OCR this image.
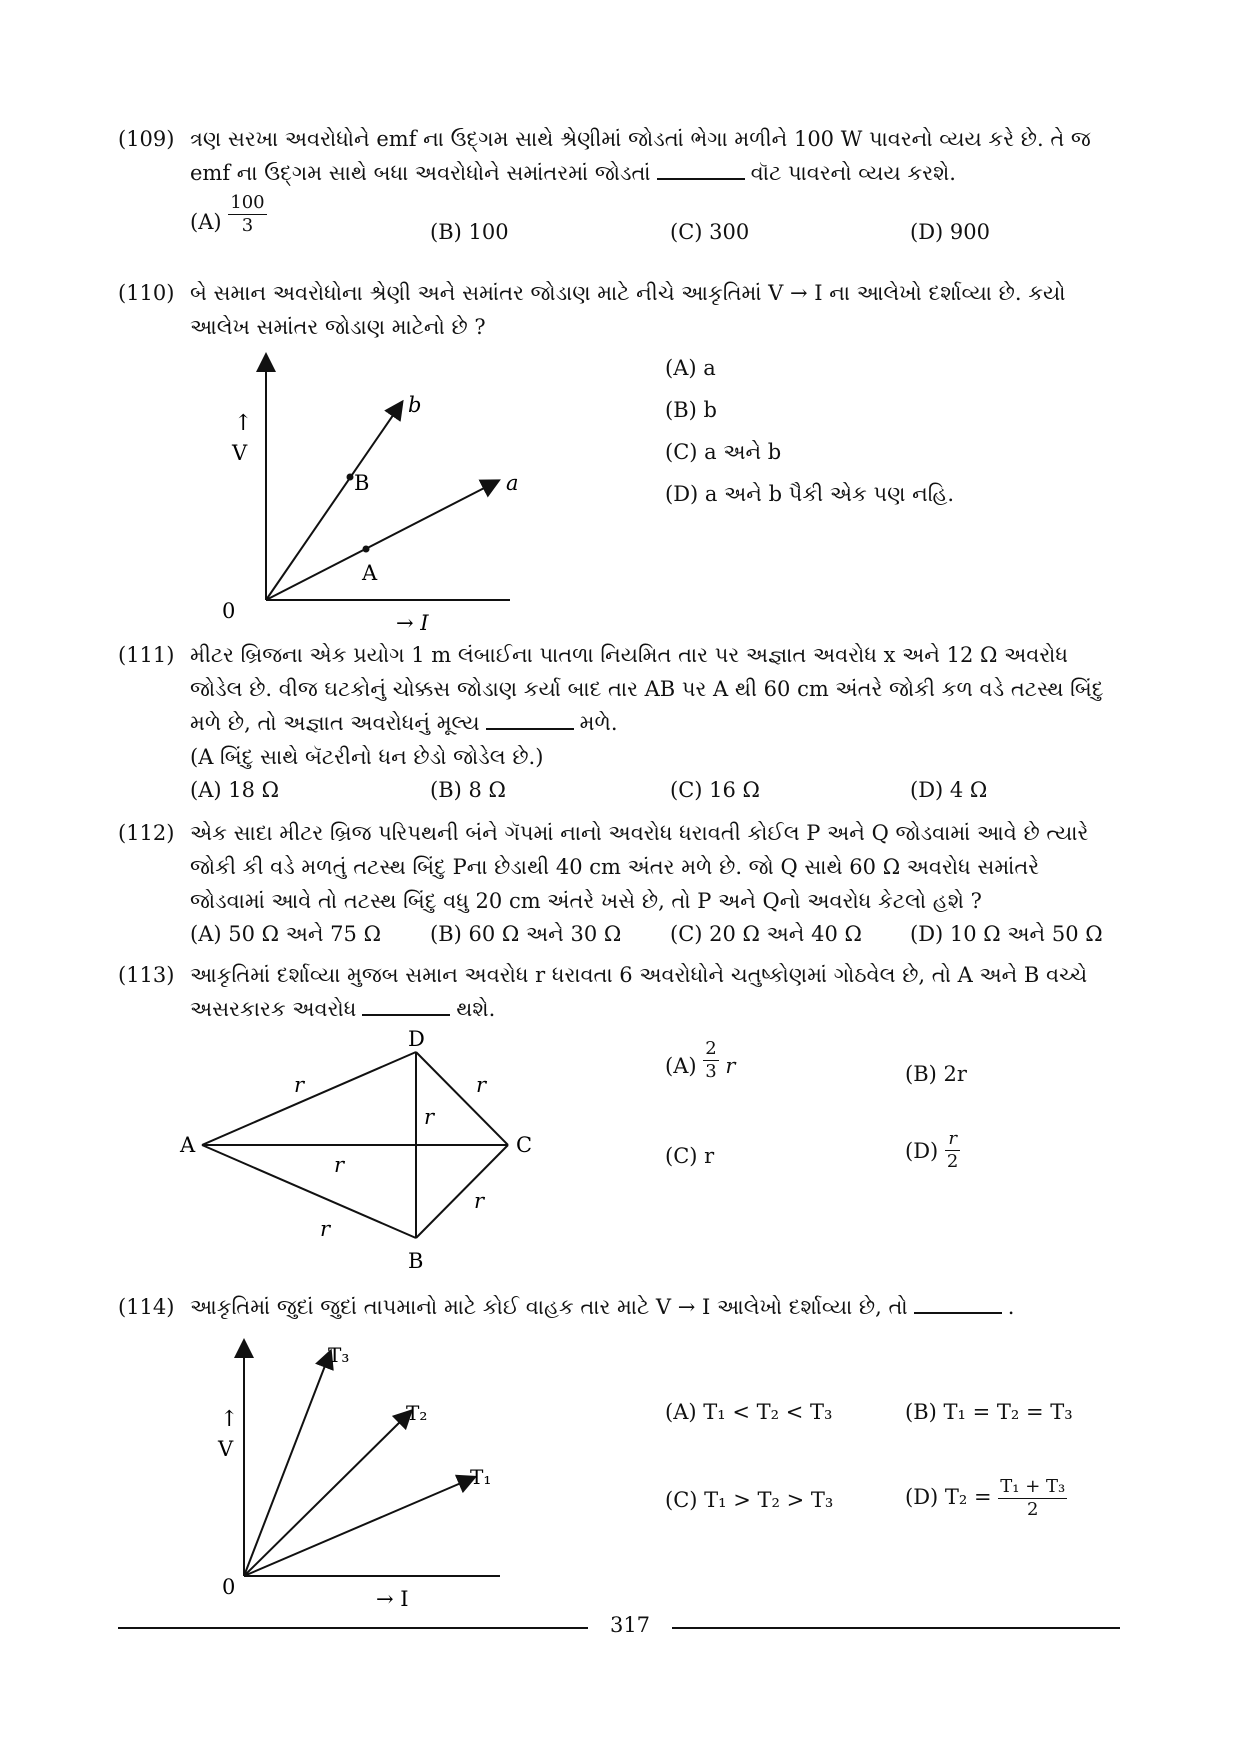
(109) ત્રણ સરખા અવરોધોને emf ના ઉદ્ગમ સાથે શ્રેણીમાં જોડતાં ભેગા મળીને 100 W પાવરનો વ્યય કરે છે. તે જ
emf ના ઉદ્ગમ સાથે બધા અવરોધોને સમાંતરમાં જોડતાં	વૉટ પાવરનો વ્યય કરશે.
$(A) \frac{100}{3}$	(B) 100	(C) 300	(D) 900
(110) બે સમાન અવરોધોના શ્રેણી અને સમાંતર જોડાણ માટે નીચે આકૃતિમાં V → I ના આલેખો દર્શાવ્યા છે. કયો
આલેખ સમાંતર જોડાણ માટેનો છે ?
↑
V
0	→ I
b
a
B
A
(A) a
(B) b
(C) a અને b
(D) a અને b પૈકી એક પણ નહિ.
(111) મીટર બ્રિજના એક પ્રયોગ 1 m લંબાઈના પાતળા નિયમિત તાર પર અજ્ઞાત અવરોધ x અને 12 Ω અવરોધ
જોડેલ છે. વીજ ઘટકોનું ચોક્કસ જોડાણ કર્યા બાદ તાર AB પર A થી 60 cm અંતરે જોકી કળ વડે તટસ્થ બિંદુ
મળે છે, તો અજ્ઞાત અવરોધનું મૂલ્ય	મળે.
(A બિંદુ સાથે બૅટરીનો ધન છેડો જોડેલ છે.)
(A) 18 Ω	(B) 8 Ω	(C) 16 Ω	(D) 4 Ω
(112) એક સાદા મીટર બ્રિજ પરિપથની બંને ગૅપમાં નાનો અવરોધ ધરાવતી કોઈલ P અને Q જોડવામાં આવે છે ત્યારે
જોકી કી વડે મળતું તટસ્થ બિંદુ Pના છેડાથી 40 cm અંતર મળે છે. જો Q સાથે 60 Ω અવરોધ સમાંતરે
જોડવામાં આવે તો તટસ્થ બિંદુ વધુ 20 cm અંતરે ખસે છે, તો P અને Qનો અવરોધ કેટલો હશે ?
(A) 50 Ω અને 75 Ω (B) 60 Ω અને 30 Ω (C) 20 Ω અને 40 Ω (D) 10 Ω અને 50 Ω
(113) આકૃતિમાં દર્શાવ્યા મુજબ સમાન અવરોધ r ધરાવતા 6 અવરોધોને ચતુષ્કોણમાં ગોઠવેલ છે, તો A અને B વચ્ચે
અસરકારક અવરોધ	થશે.
A
B
C
D
r	r
r
r
r
r
$(A) \frac{2}{3}$ r	(B) 2r
(C) r	$(D) \frac{r}{2}$
(114) આકૃતિમાં જુદાં જુદાં તાપમાનો માટે કોઈ વાહક તાર માટે V → I આલેખો દર્શાવ્યા છે, તો	.
↑
V
0	→ I
T₃
T₂
T₁
(A) T₁ < T₂ < T₃	(B) T₁ = T₂ = T₃
(C) T₁ > T₂ > T₃	(D) $T_2 = \frac{\text{T₁ + T₃}}{2}$
317
